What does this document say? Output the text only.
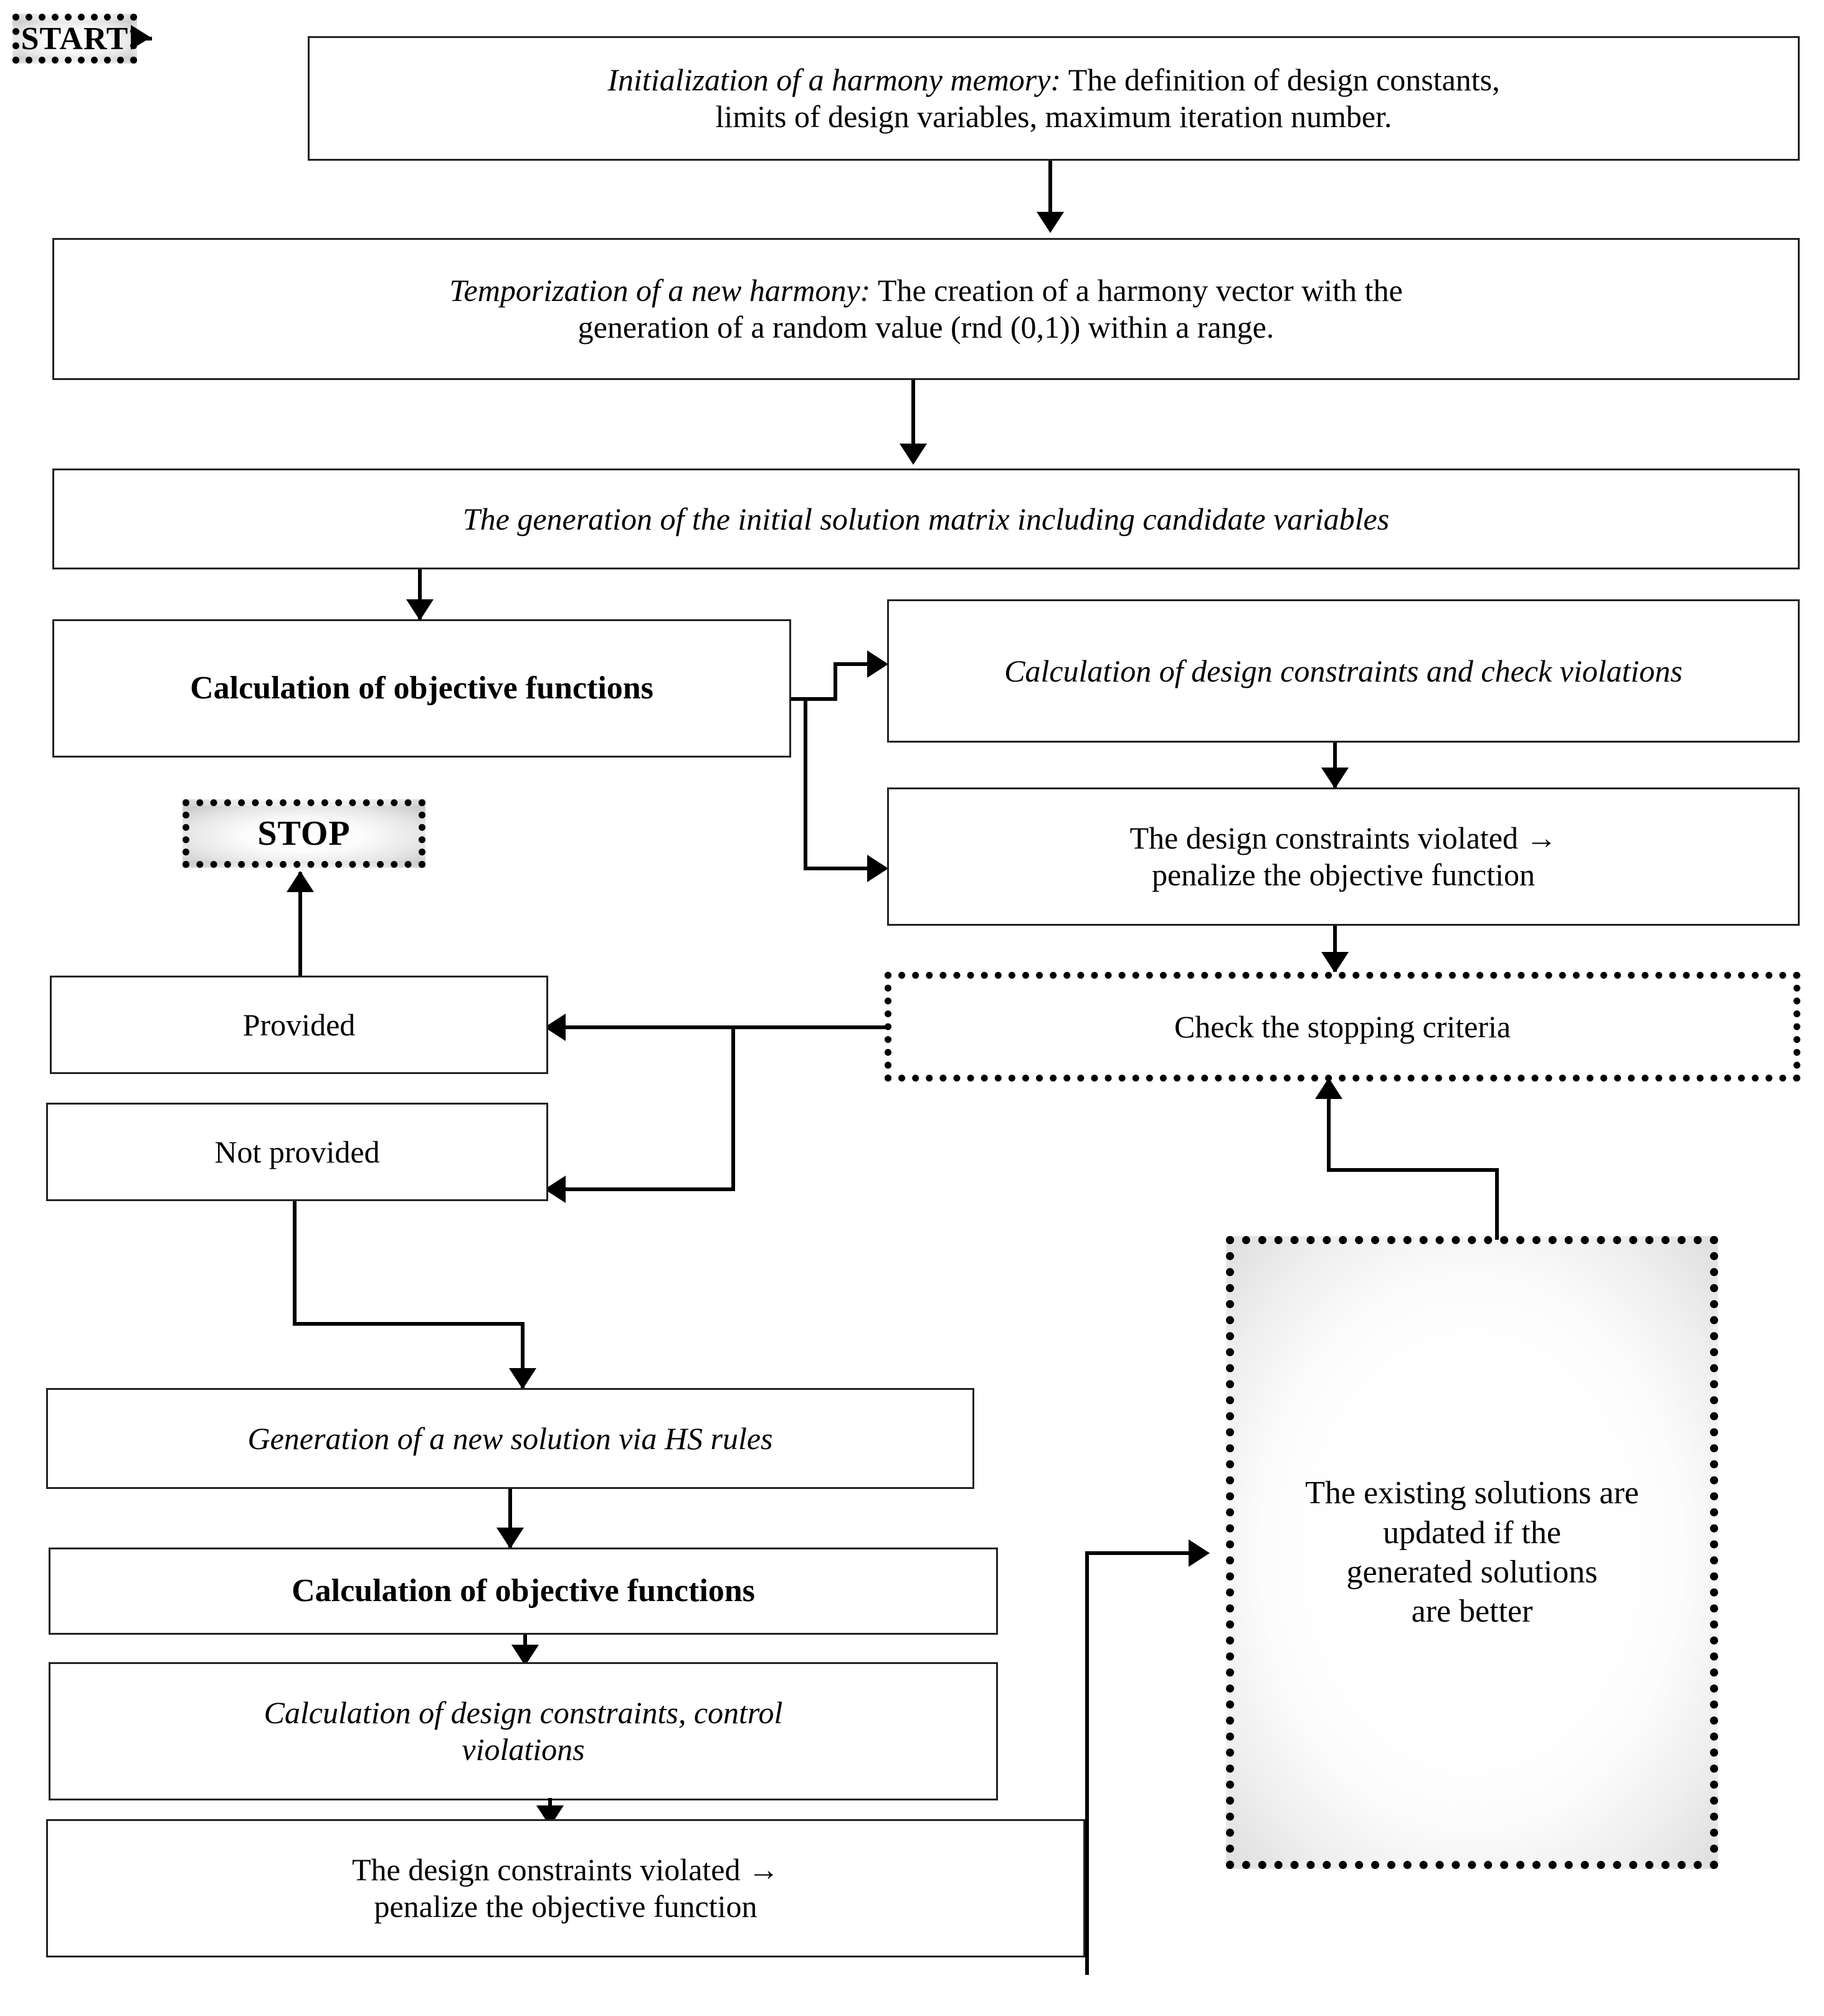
START
Initialization of a harmony memory: The definition of design constants,
limits of design variables, maximum iteration number.
Temporization of a new harmony: The creation of a harmony vector with the
generation of a random value (rnd (0,1)) within a range.
The generation of the initial solution matrix including candidate variables
Calculation of objective functions	Calculation of design constraints and check violations
The design constraints violated →
penalize the objective function
STOP
Check the stopping criteria
Provided
Not provided
Generation of a new solution via HS rules
Calculation of objective functions
Calculation of design constraints, control
violations
The design constraints violated →
penalize the objective function
The existing solutions are
updated if the
generated solutions
are better
